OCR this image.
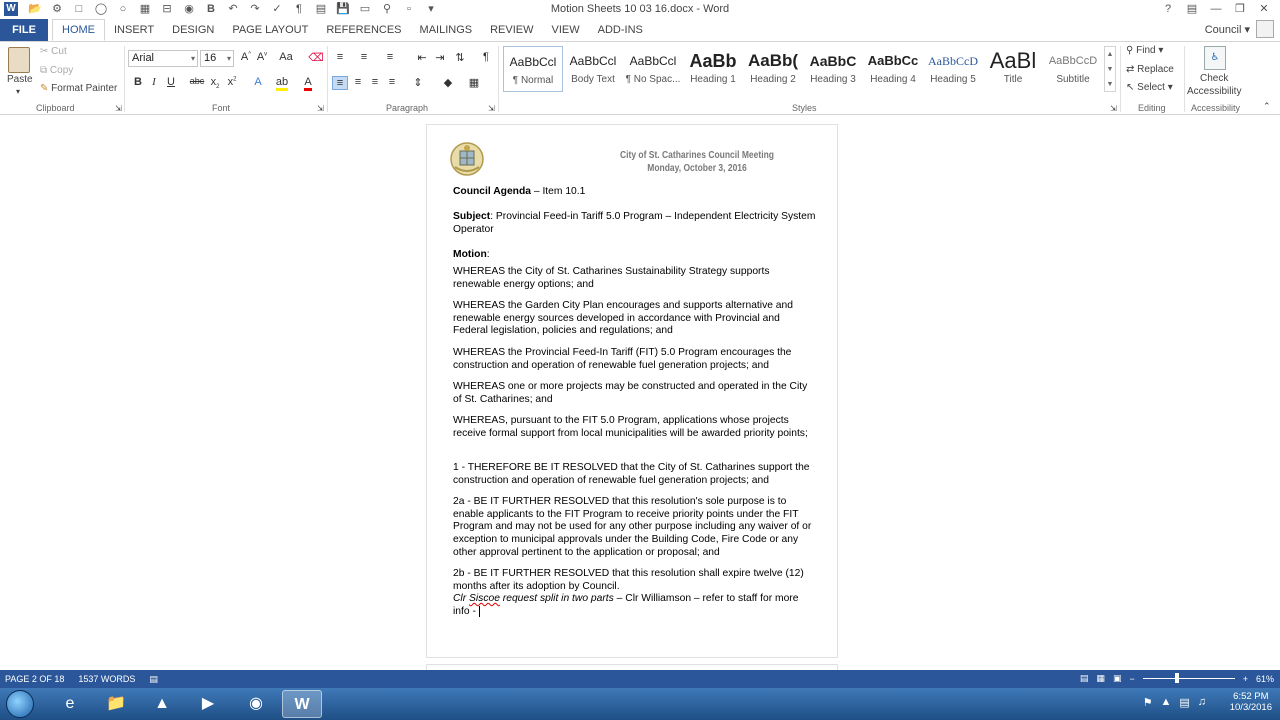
W	📂 ⚙	□	◯	○	▦	⊟	◉	B	↶	↷	✓	¶	▤ 💾 ▭	⚲	▫	▾	Motion Sheets 10 03 16.docx - Word	?	▤	—	❐	✕
FILE	HOME	INSERT	DESIGN	PAGE LAYOUT	REFERENCES	MAILINGS	REVIEW	VIEW	ADD-INS	Council ▾
Paste
▾
✂ Cut
⧉ Copy
✎ Format Painter
Clipboard	⇲
Arial	▾ 16 ▾ A^ $A^v$ Aa ⌫
B I	U	abc $x_2$ $x^2$	A	ab	A
Font	⇲
≡	≡	≡	⇤ ⇥ ⇅	¶
≡	≡ ≡ ≡	⇕	◆	▦
Paragraph	⇲
AaBbCcl
¶ Normal
AaBbCcl
Body Text
AaBbCcl
¶ No Spac...
AaBb
Heading 1
AaBb(
Heading 2
AaBbC
Heading 3
AaBbCc
Heading 4
AaBbCcD
Heading 5
AaBl
Title
AaBbCcD
Subtitle
▲
▼
▼
Styles	⇲
⚲ Find ▾
⇄ Replace
↖ Select ▾
Editing
♿
Check
Accessibility
Accessibility	⌃
City of St. Catharines Council Meeting
Monday, October 3, 2016
Council Agenda – Item 10.1
Subject: Provincial Feed-in Tariff 5.0 Program – Independent Electricity System Operator
Motion:
WHEREAS the City of St. Catharines Sustainability Strategy supports renewable energy options; and
WHEREAS the Garden City Plan encourages and supports alternative and renewable energy sources developed in accordance with Provincial and Federal legislation, policies and regulations; and
WHEREAS the Provincial Feed-In Tariff (FIT) 5.0 Program encourages the construction and operation of renewable fuel generation projects; and
WHEREAS one or more projects may be constructed and operated in the City of St. Catharines; and
WHEREAS, pursuant to the FIT 5.0 Program, applications whose projects receive formal support from local municipalities will be awarded priority points;
1 - THEREFORE BE IT RESOLVED that the City of St. Catharines support the construction and operation of renewable fuel generation projects; and
2a - BE IT FURTHER RESOLVED that this resolution's sole purpose is to enable applicants to the FIT Program to receive priority points under the FIT Program and may not be used for any other purpose including any waiver of or exception to municipal approvals under the Building Code, Fire Code or any other approval pertinent to the application or proposal; and
2b - BE IT FURTHER RESOLVED that this resolution shall expire twelve (12) months after its adoption by Council.
Clr Siscoe request split in two parts – Clr Williamson – refer to staff for more info -
PAGE 2 OF 18 1537 WORDS ▤	▤ ▦ ▣ −	+ 61%
e	📁	▲	▶	◉	W	⚑ ▲ ▤ ♫	6:52 PM
10/3/2016
